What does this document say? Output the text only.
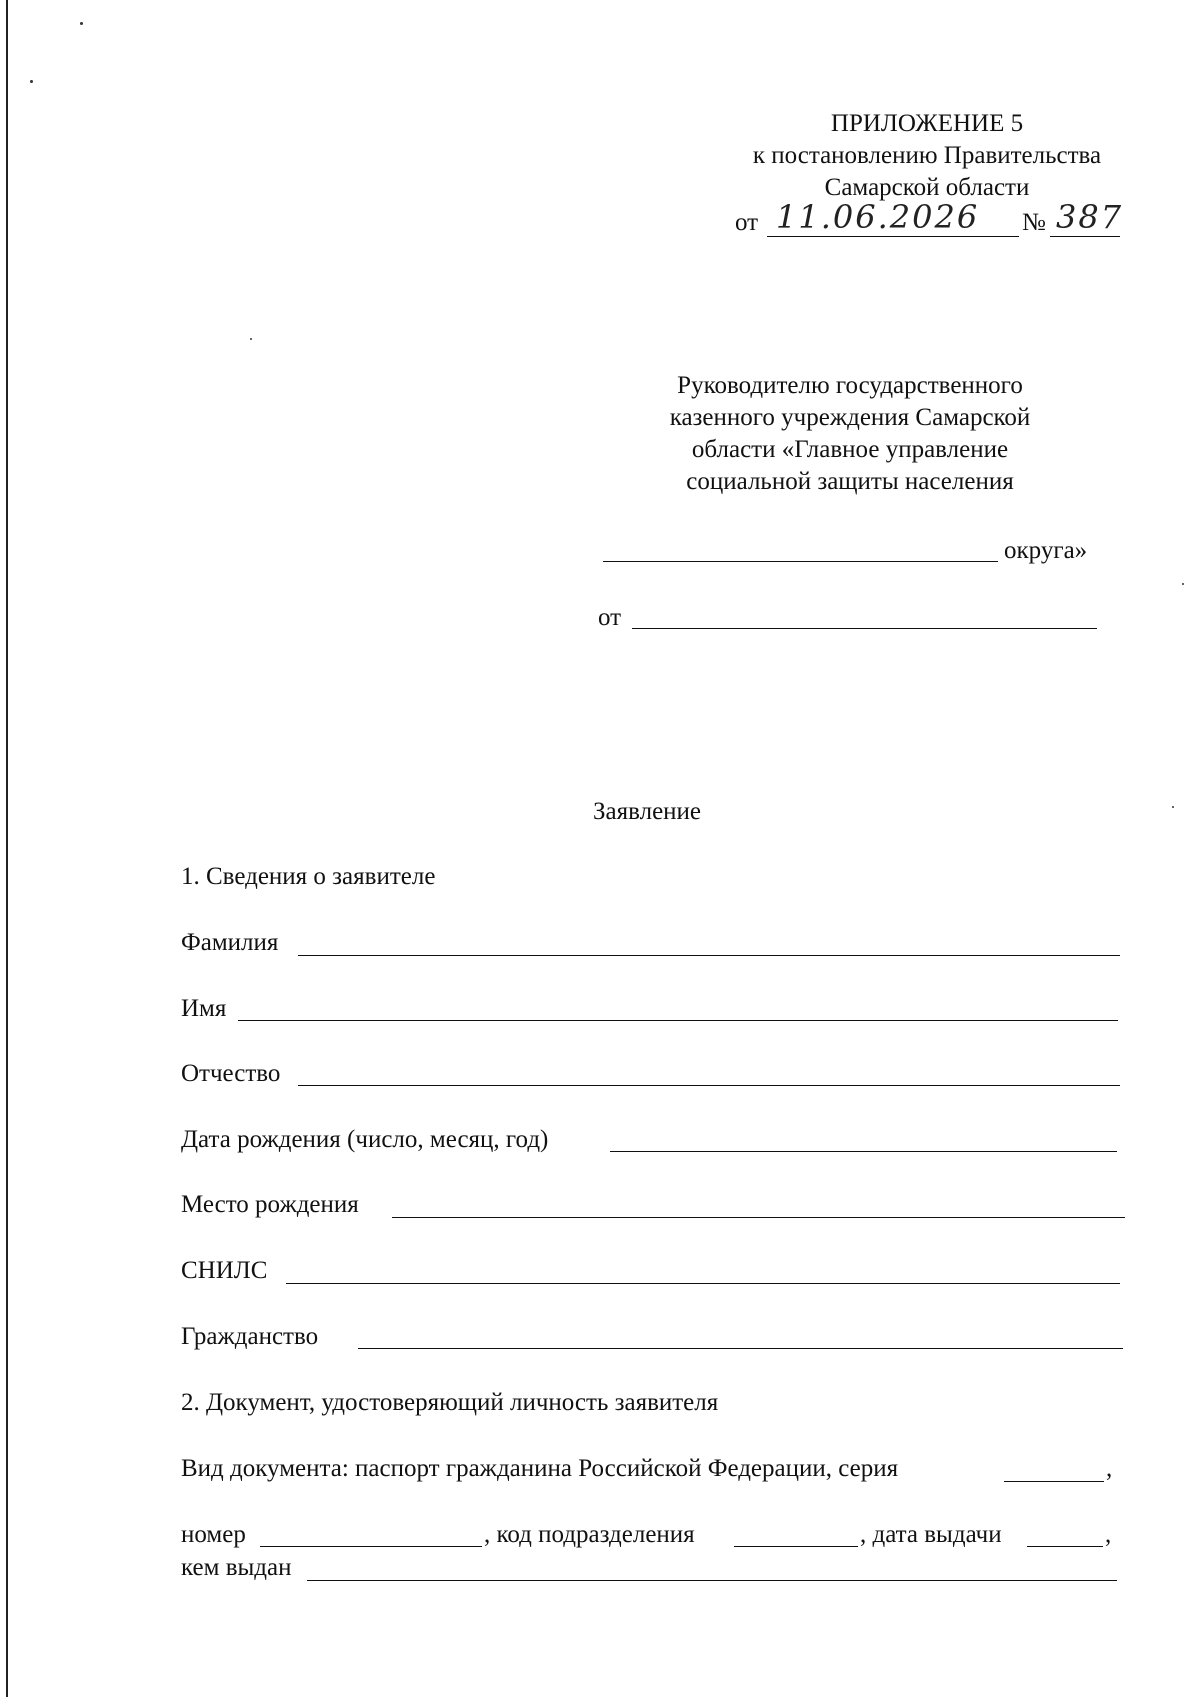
ПРИЛОЖЕНИЕ 5
к постановлению Правительства
Самарской области
от 11.06.2026 № 387
Руководителю государственного
казенного учреждения Самарской
области «Главное управление
социальной защиты населения
округа»
от
Заявление
1. Сведения о заявителе
Фамилия
Имя
Отчество
Дата рождения (число, месяц, год)
Место рождения
СНИЛС
Гражданство
2. Документ, удостоверяющий личность заявителя
Вид документа: паспорт гражданина Российской Федерации, серия	,
номер	, код подразделения	, дата выдачи	,
кем выдан
